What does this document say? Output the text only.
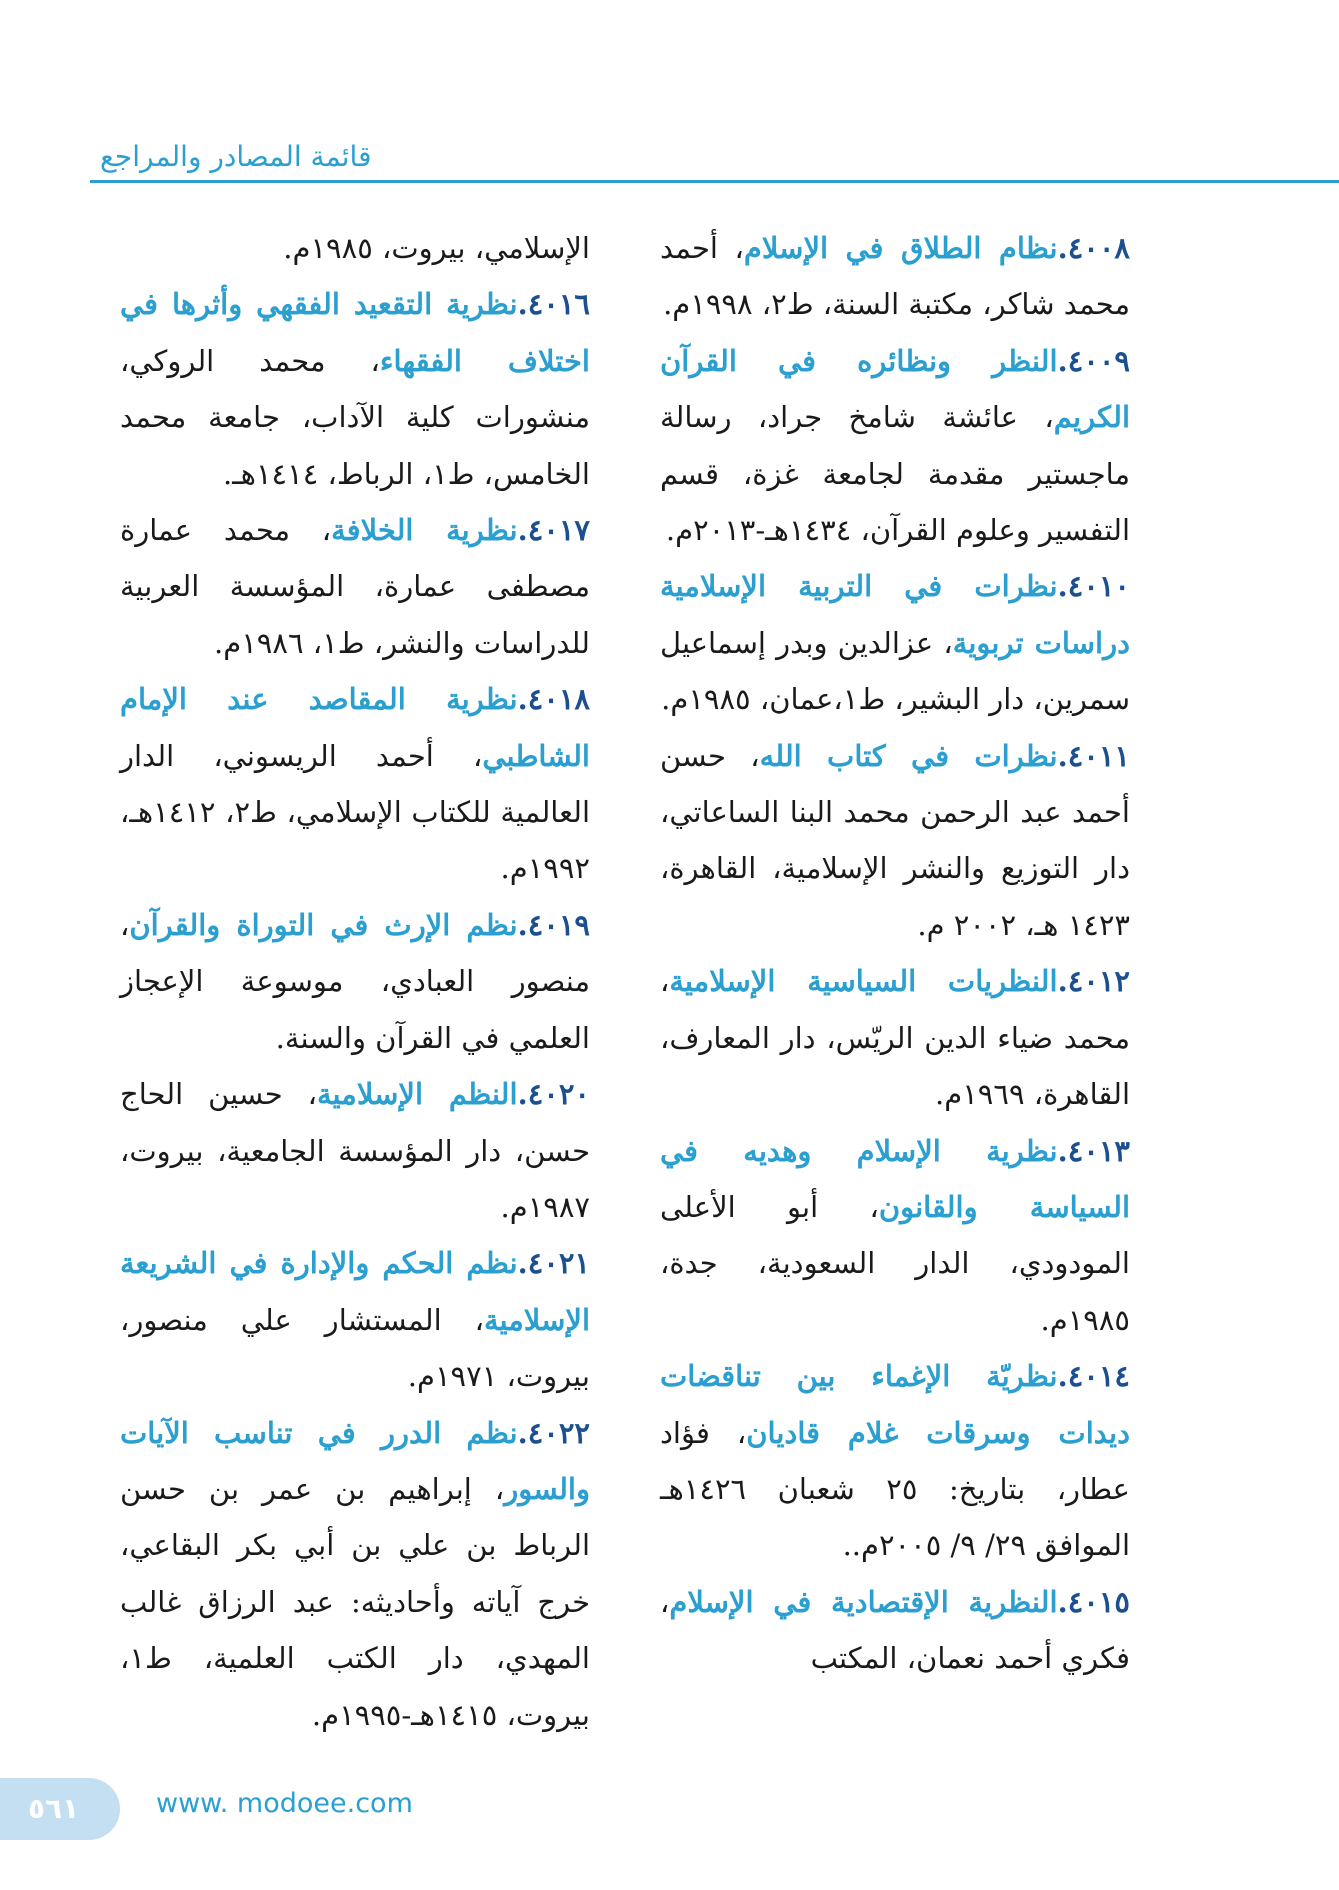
قائمة المصادر والمراجع

٤٠٠٨.نظام الطلاق في الإسلام، أحمد محمد شاكر، مكتبة السنة، ط٢، ١٩٩٨م.

٤٠٠٩.النظر ونظائره في القرآن الكريم، عائشة شامخ جراد، رسالة ماجستير مقدمة لجامعة غزة، قسم التفسير وعلوم القرآن، ١٤٣٤هـ-٢٠١٣م.

٤٠١٠.نظرات في التربية الإسلامية دراسات تربوية، عزالدين وبدر إسماعيل سمرين، دار البشير، ط١،عمان، ١٩٨٥م.

٤٠١١.نظرات في كتاب الله، حسن أحمد عبد الرحمن محمد البنا الساعاتي، دار التوزيع والنشر الإسلامية، القاهرة، ١٤٢٣ هـ، ٢٠٠٢ م.

٤٠١٢.النظريات السياسية الإسلامية، محمد ضياء الدين الريّس، دار المعارف، القاهرة، ١٩٦٩م.

٤٠١٣.نظرية الإسلام وهديه في السياسة والقانون، أبو الأعلى المودودي، الدار السعودية، جدة، ١٩٨٥م.

٤٠١٤.نظريّة الإغماء بين تناقضات ديدات وسرقات غلام قاديان، فؤاد عطار، بتاريخ: ٢٥ شعبان ١٤٢٦هـ الموافق ٢٩/ ٩/ ٢٠٠٥م..

٤٠١٥.النظرية الإقتصادية في الإسلام، فكري أحمد نعمان، المكتب

الإسلامي، بيروت، ١٩٨٥م.

٤٠١٦.نظرية التقعيد الفقهي وأثرها في اختلاف الفقهاء، محمد الروكي، منشورات كلية الآداب، جامعة محمد الخامس، ط١، الرباط، ١٤١٤هـ.

٤٠١٧.نظرية الخلافة، محمد عمارة مصطفى عمارة، المؤسسة العربية للدراسات والنشر، ط١، ١٩٨٦م.

٤٠١٨.نظرية المقاصد عند الإمام الشاطبي، أحمد الريسوني، الدار العالمية للكتاب الإسلامي، ط٢، ١٤١٢هـ، ١٩٩٢م.

٤٠١٩.نظم الإرث في التوراة والقرآن، منصور العبادي، موسوعة الإعجاز العلمي في القرآن والسنة.

٤٠٢٠.النظم الإسلامية، حسين الحاج حسن، دار المؤسسة الجامعية، بيروت، ١٩٨٧م.

٤٠٢١.نظم الحكم والإدارة في الشريعة الإسلامية، المستشار علي منصور، بيروت، ١٩٧١م.

٤٠٢٢.نظم الدرر في تناسب الآيات والسور، إبراهيم بن عمر بن حسن الرباط بن علي بن أبي بكر البقاعي، خرج آياته وأحاديثه: عبد الرزاق غالب المهدي، دار الكتب العلمية، ط١، بيروت، ١٤١٥هـ-١٩٩٥م.

٥٦١	www. modoee.com
